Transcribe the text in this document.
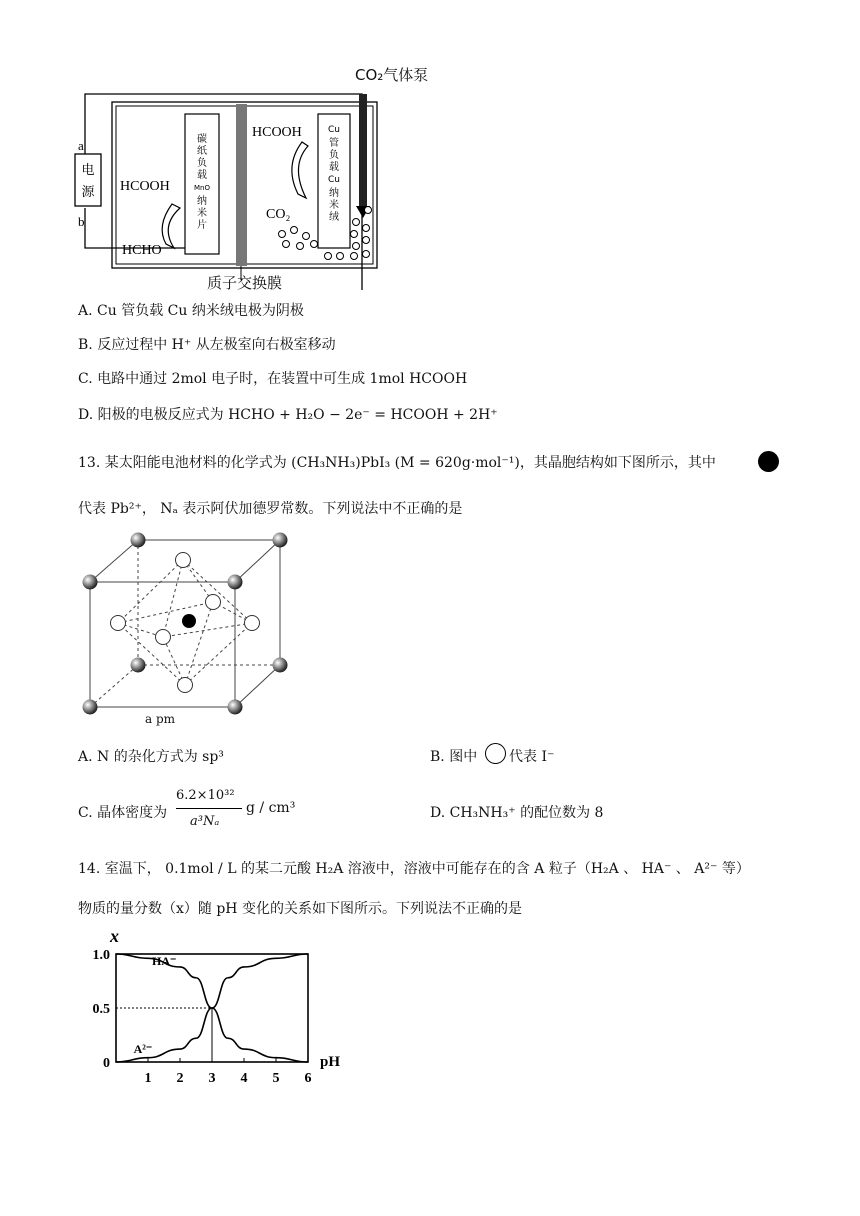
电
源
a
b
碳纸负载 MnO 纳米片
HCOOH
HCHO
Cu 管负载 Cu 纳米绒
HCOOH
CO₂
CO₂气体泵
质子交换膜
A. Cu 管负载 Cu 纳米绒电极为阴极
B. 反应过程中 H⁺ 从左极室向右极室移动
C. 电路中通过 2mol 电子时，在装置中可生成 1mol HCOOH
D. 阳极的电极反应式为 HCHO + H₂O − 2e⁻ = HCOOH + 2H⁺
13. 某太阳能电池材料的化学式为 (CH₃NH₃)PbI₃ (M = 620g·mol⁻¹)，其晶胞结构如下图所示，其中
代表 Pb²⁺， Nₐ 表示阿伏加德罗常数。下列说法中不正确的是
a pm
A. N 的杂化方式为 sp³	B. 图中 代表 I⁻
C. 晶体密度为
6.2×10³²
a³Nₐ
g / cm³	D. CH₃NH₃⁺ 的配位数为 8
14. 室温下， 0.1mol / L 的某二元酸 H₂A 溶液中，溶液中可能存在的含 A 粒子（H₂A 、 HA⁻ 、 A²⁻ 等）
物质的量分数（x）随 pH 变化的关系如下图所示。下列说法不正确的是
x
pH
0
0.5
1.0
1 2 3 4 5 6
HA⁻
A²⁻
